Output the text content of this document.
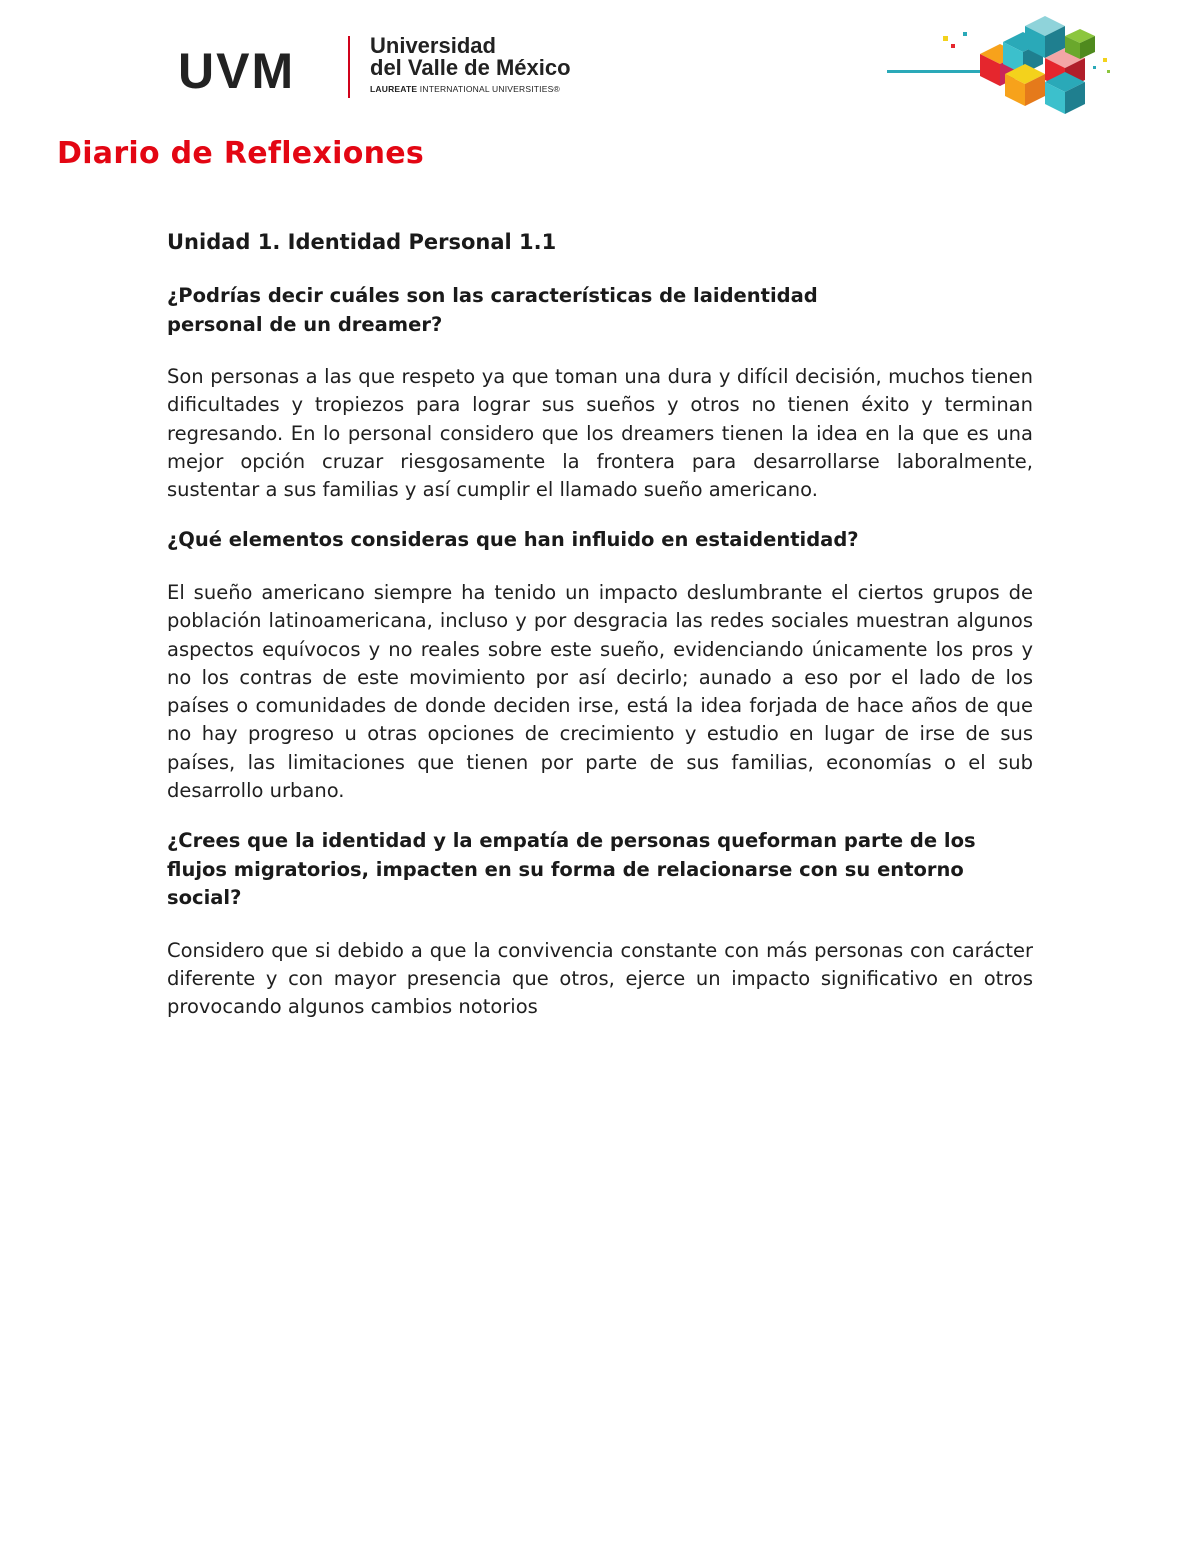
UVM	Universidad
del Valle de México
LAUREATE INTERNATIONAL UNIVERSITIES®
Diario de Reflexiones
Unidad 1. Identidad Personal 1.1
¿Podrías decir cuáles son las características de laidentidad personal de un dreamer?
Son personas a las que respeto ya que toman una dura y difícil decisión, muchos tienen dificultades y tropiezos para lograr sus sueños y otros no tienen éxito y terminan regresando. En lo personal considero que los dreamers tienen la idea en la que es una mejor opción cruzar riesgosamente la frontera para desarrollarse laboralmente, sustentar a sus familias y así cumplir el llamado sueño americano.
¿Qué elementos consideras que han influido en estaidentidad?
El sueño americano siempre ha tenido un impacto deslumbrante el ciertos grupos de población latinoamericana, incluso y por desgracia las redes sociales muestran algunos aspectos equívocos y no reales sobre este sueño, evidenciando únicamente los pros y no los contras de este movimiento por así decirlo; aunado a eso por el lado de los países o comunidades de donde deciden irse, está la idea forjada de hace años de que no hay progreso u otras opciones de crecimiento y estudio en lugar de irse de sus países, las limitaciones que tienen por parte de sus familias, economías o el sub desarrollo urbano.
¿Crees que la identidad y la empatía de personas queforman parte de los flujos migratorios, impacten en su forma de relacionarse con su entorno social?
Considero que si debido a que la convivencia constante con más personas con carácter diferente y con mayor presencia que otros, ejerce un impacto significativo en otros provocando algunos cambios notorios
